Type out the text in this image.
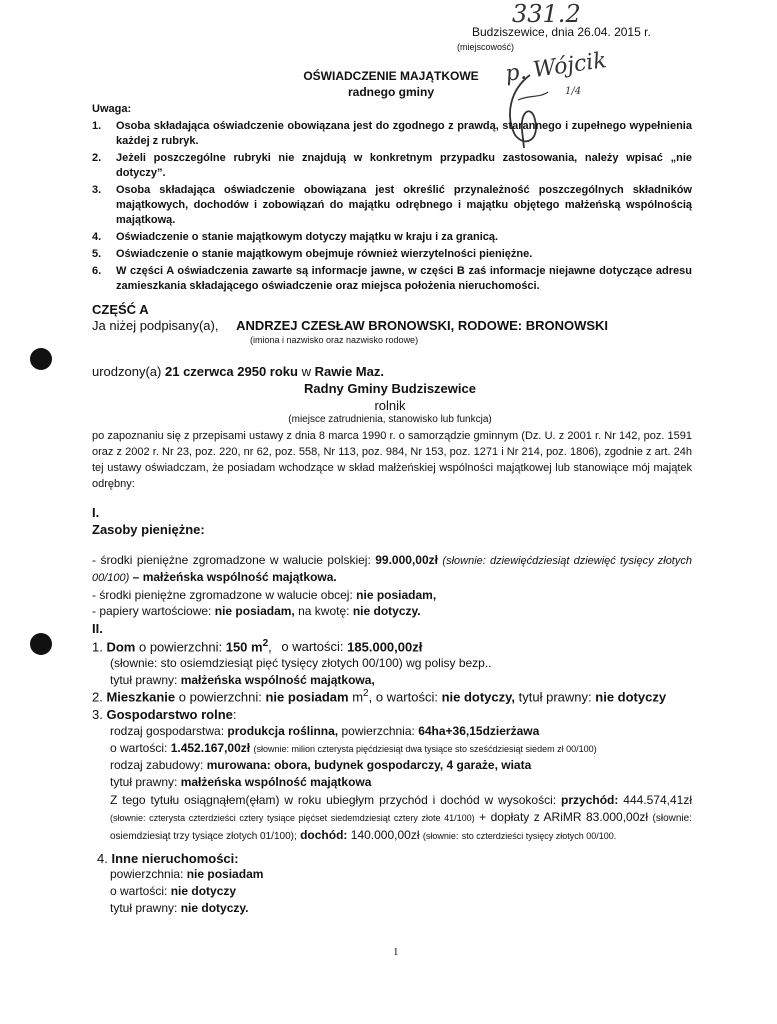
331.2
p. Wójcik
1/4
Budziszewice, dnia 26.04. 2015 r.
(miejscowość)
OŚWIADCZENIE MAJĄTKOWE
radnego gminy
Uwaga:
1. Osoba składająca oświadczenie obowiązana jest do zgodnego z prawdą, starannego i zupełnego wypełnienia każdej z rubryk.
2. Jeżeli poszczególne rubryki nie znajdują w konkretnym przypadku zastosowania, należy wpisać „nie dotyczy”.
3. Osoba składająca oświadczenie obowiązana jest określić przynależność poszczególnych składników majątkowych, dochodów i zobowiązań do majątku odrębnego i majątku objętego małżeńską wspólnością majątkową.
4. Oświadczenie o stanie majątkowym dotyczy majątku w kraju i za granicą.
5. Oświadczenie o stanie majątkowym obejmuje również wierzytelności pieniężne.
6. W części A oświadczenia zawarte są informacje jawne, w części B zaś informacje niejawne dotyczące adresu zamieszkania składającego oświadczenie oraz miejsca położenia nieruchomości.
CZĘŚĆ A
Ja niżej podpisany(a), ANDRZEJ CZESŁAW BRONOWSKI, RODOWE: BRONOWSKI
(imiona i nazwisko oraz nazwisko rodowe)
urodzony(a) 21 czerwca 2950 roku w Rawie Maz.
Radny Gminy Budziszewice
rolnik
(miejsce zatrudnienia, stanowisko lub funkcja)
po zapoznaniu się z przepisami ustawy z dnia 8 marca 1990 r. o samorządzie gminnym (Dz. U. z 2001 r. Nr 142, poz. 1591 oraz z 2002 r. Nr 23, poz. 220, nr 62, poz. 558, Nr 113, poz. 984, Nr 153, poz. 1271 i Nr 214, poz. 1806), zgodnie z art. 24h tej ustawy oświadczam, że posiadam wchodzące w skład małżeńskiej wspólności majątkowej lub stanowiące mój majątek odrębny:
I.
Zasoby pieniężne:
- środki pieniężne zgromadzone w walucie polskiej: 99.000,00zł (słownie: dziewięćdziesiąt dziewięć tysięcy złotych 00/100) – małżeńska wspólność majątkowa.
- środki pieniężne zgromadzone w walucie obcej: nie posiadam,
- papiery wartościowe: nie posiadam, na kwotę: nie dotyczy.
II.
1. Dom o powierzchni: 150 $m^2$, o wartości: 185.000,00zł
(słownie: sto osiemdziesiąt pięć tysięcy złotych 00/100) wg polisy bezp..
tytuł prawny: małżeńska wspólność majątkowa,
2. Mieszkanie o powierzchni: nie posiadam $m^2$, o wartości: nie dotyczy, tytuł prawny: nie dotyczy
3. Gospodarstwo rolne:
rodzaj gospodarstwa: produkcja roślinna, powierzchnia: 64ha+36,15dzierżawa
o wartości: 1.452.167,00zł (słownie: milion czterysta pięćdziesiąt dwa tysiące sto sześćdziesiąt siedem zł 00/100)
rodzaj zabudowy: murowana: obora, budynek gospodarczy, 4 garaże, wiata
tytuł prawny: małżeńska wspólność majątkowa
Z tego tytułu osiągnąłem(ęłam) w roku ubiegłym przychód i dochód w wysokości: przychód: 444.574,41zł (słownie: czterysta czterdzieści cztery tysiące pięćset siedemdziesiąt cztery złote 41/100) + dopłaty z ARiMR 83.000,00zł (słownie: osiemdziesiąt trzy tysiące złotych 01/100); dochód: 140.000,00zł (słownie: sto czterdzieści tysięcy złotych 00/100.
4. Inne nieruchomości:
powierzchnia: nie posiadam
o wartości: nie dotyczy
tytuł prawny: nie dotyczy.
1
